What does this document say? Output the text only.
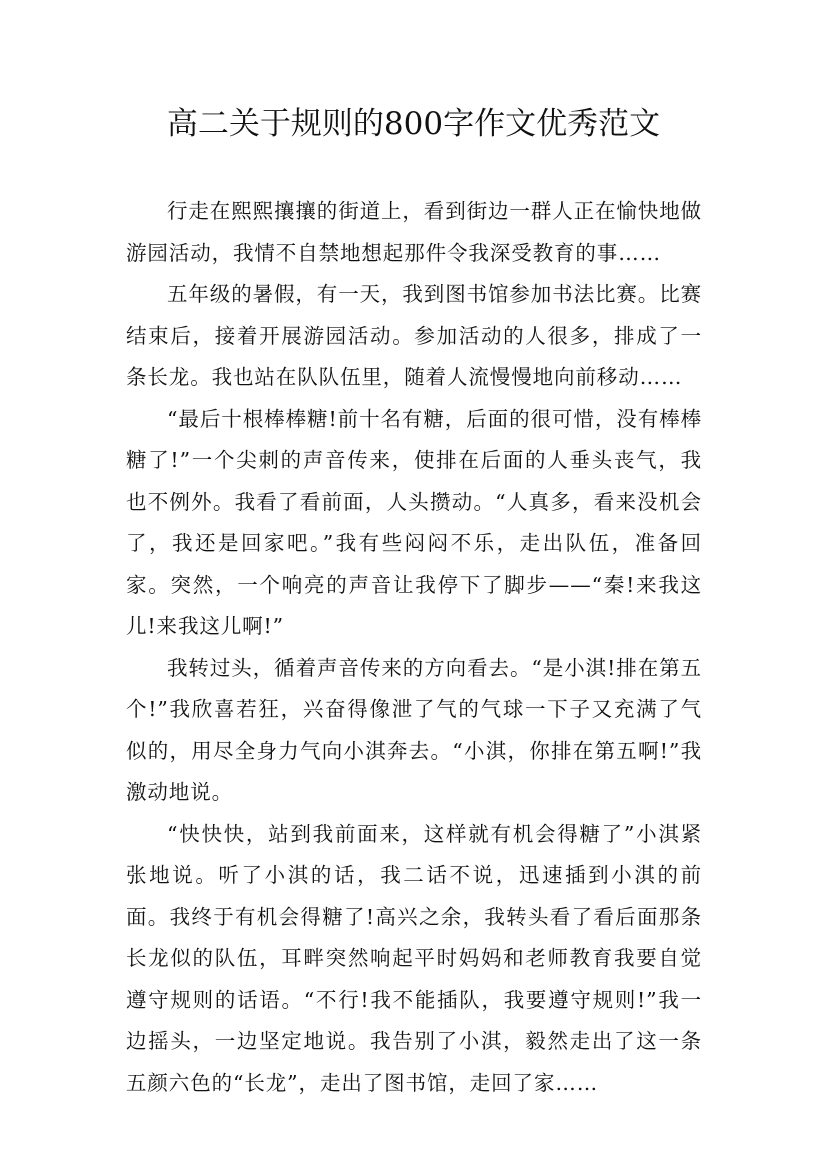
高二关于规则的800字作文优秀范文

行走在熙熙攘攘的街道上，看到街边一群人正在愉快地做游园活动，我情不自禁地想起那件令我深受教育的事……

五年级的暑假，有一天，我到图书馆参加书法比赛。比赛结束后，接着开展游园活动。参加活动的人很多，排成了一条长龙。我也站在队队伍里，随着人流慢慢地向前移动……

“最后十根棒棒糖!前十名有糖，后面的很可惜，没有棒棒糖了!”一个尖刺的声音传来，使排在后面的人垂头丧气，我也不例外。我看了看前面，人头攒动。“人真多，看来没机会了，我还是回家吧。”我有些闷闷不乐，走出队伍，准备回家。突然，一个响亮的声音让我停下了脚步——“秦!来我这儿!来我这儿啊!”

我转过头，循着声音传来的方向看去。“是小淇!排在第五个!”我欣喜若狂，兴奋得像泄了气的气球一下子又充满了气似的，用尽全身力气向小淇奔去。“小淇，你排在第五啊!”我激动地说。

“快快快，站到我前面来，这样就有机会得糖了”小淇紧张地说。听了小淇的话，我二话不说，迅速插到小淇的前面。我终于有机会得糖了!高兴之余，我转头看了看后面那条长龙似的队伍，耳畔突然响起平时妈妈和老师教育我要自觉遵守规则的话语。“不行!我不能插队，我要遵守规则!”我一边摇头，一边坚定地说。我告别了小淇，毅然走出了这一条五颜六色的“长龙”，走出了图书馆，走回了家……
